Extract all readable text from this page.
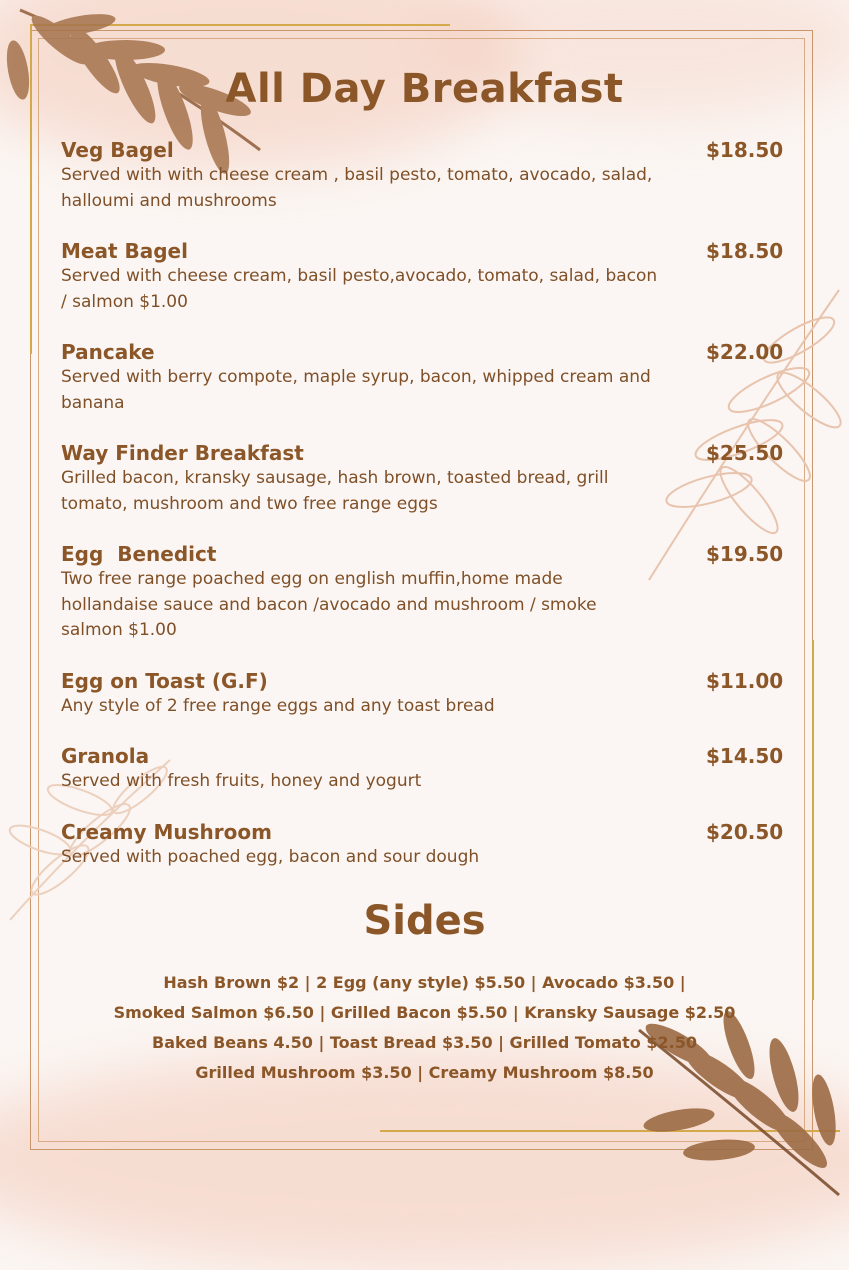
All Day Breakfast
Veg Bagel
Served with with cheese cream , basil pesto, tomato, avocado, salad, halloumi and mushrooms
$18.50
Meat Bagel
Served with cheese cream, basil pesto,avocado, tomato, salad, bacon / salmon $1.00
$18.50
Pancake
Served with berry compote, maple syrup, bacon, whipped cream and banana
$22.00
Way Finder Breakfast
Grilled bacon, kransky sausage, hash brown, toasted bread, grill tomato, mushroom and two free range eggs
$25.50
Egg  Benedict
Two free range poached egg on english muffin,home made hollandaise sauce and bacon /avocado and mushroom / smoke salmon $1.00
$19.50
Egg on Toast (G.F)
Any style of 2 free range eggs and any toast bread
$11.00
Granola
Served with fresh fruits, honey and yogurt
$14.50
Creamy Mushroom
Served with poached egg, bacon and sour dough
$20.50
Sides
Hash Brown $2 | 2 Egg (any style) $5.50 | Avocado $3.50 |
Smoked Salmon $6.50 | Grilled Bacon $5.50 | Kransky Sausage $2.50
Baked Beans 4.50 | Toast Bread $3.50 | Grilled Tomato $2.50
Grilled Mushroom $3.50 | Creamy Mushroom $8.50
